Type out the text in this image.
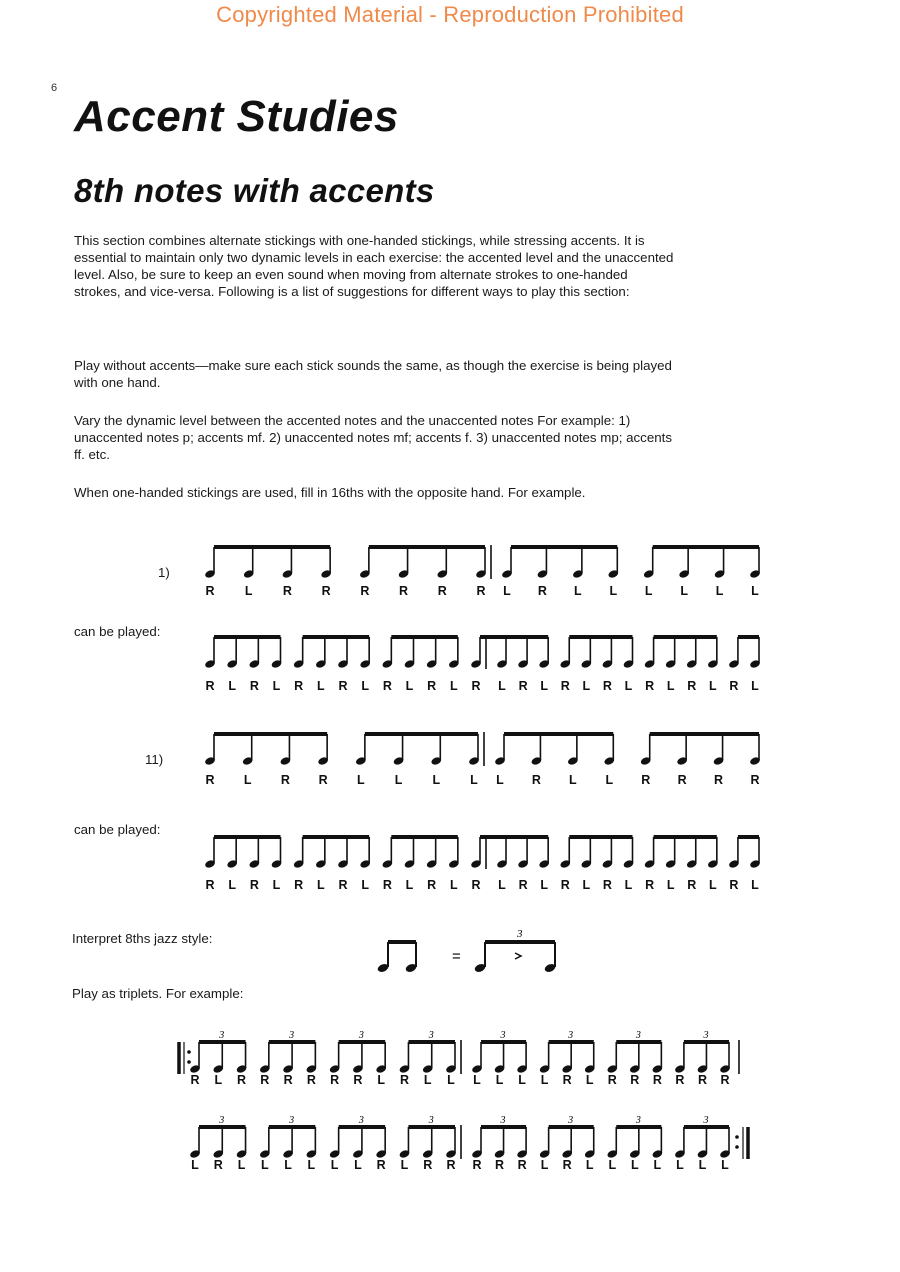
Copyrighted Material - Reproduction Prohibited
6
Accent Studies
8th notes with accents

This section combines alternate stickings with one-handed stickings, while stressing accents. It is essential to maintain only two dynamic levels in each exercise: the accented level and the unaccented level. Also, be sure to keep an even sound when moving from alternate strokes to one-handed strokes, and vice-versa. Following is a list of suggestions for different ways to play this section:

Play without accents—make sure each stick sounds the same, as though the exercise is being played with one hand.

Vary the dynamic level between the accented notes and the unaccented notes For example: 1) unaccented notes p; accents mf. 2) unaccented notes mf; accents f. 3) unaccented notes mp; accents ff. etc.

When one-handed stickings are used, fill in 16ths with the opposite hand. For example.

1)
R L R R R R R R L R L L L L L L
can be played:
R L R L R L R L R L R L R L R L R L R L R L R L R L
11)
R L R R L L L L L R L L R R R R
can be played:
R L R L R L R L R L R L R L R L R L R L R L R L R L
Interpret 8ths jazz style:
=
3
Play as triplets. For example:
3	3	3	3	3	3	3	3
R L R R R R R R L R L L L L L L R L R R R R R R
3	3	3	3	3	3	3	3
L R L L L L L L R L R R R R R L R L L L L L L L
